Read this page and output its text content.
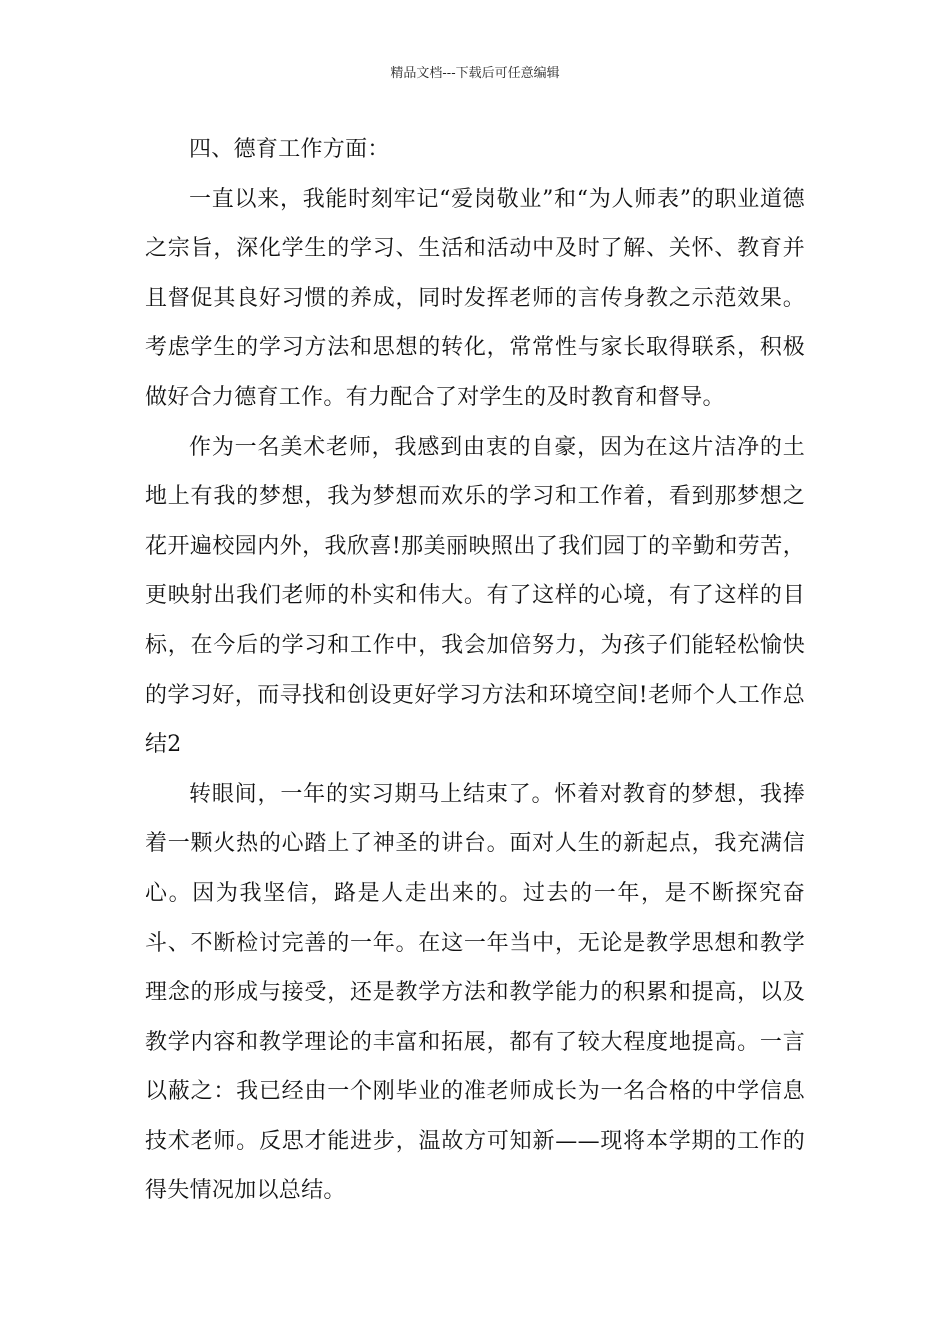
精品文档---下载后可任意编辑

四、德育工作方面：

一直以来，我能时刻牢记“爱岗敬业”和“为人师表”的职业道德之宗旨，深化学生的学习、生活和活动中及时了解、关怀、教育并且督促其良好习惯的养成，同时发挥老师的言传身教之示范效果。考虑学生的学习方法和思想的转化，常常性与家长取得联系，积极做好合力德育工作。有力配合了对学生的及时教育和督导。

作为一名美术老师，我感到由衷的自豪，因为在这片洁净的土地上有我的梦想，我为梦想而欢乐的学习和工作着，看到那梦想之花开遍校园内外，我欣喜!那美丽映照出了我们园丁的辛勤和劳苦，更映射出我们老师的朴实和伟大。有了这样的心境，有了这样的目标，在今后的学习和工作中，我会加倍努力，为孩子们能轻松愉快的学习好，而寻找和创设更好学习方法和环境空间!老师个人工作总结2

转眼间，一年的实习期马上结束了。怀着对教育的梦想，我捧着一颗火热的心踏上了神圣的讲台。面对人生的新起点，我充满信心。因为我坚信，路是人走出来的。过去的一年，是不断探究奋斗、不断检讨完善的一年。在这一年当中，无论是教学思想和教学理念的形成与接受，还是教学方法和教学能力的积累和提高，以及教学内容和教学理论的丰富和拓展，都有了较大程度地提高。一言以蔽之：我已经由一个刚毕业的准老师成长为一名合格的中学信息技术老师。反思才能进步，温故方可知新——现将本学期的工作的得失情况加以总结。
